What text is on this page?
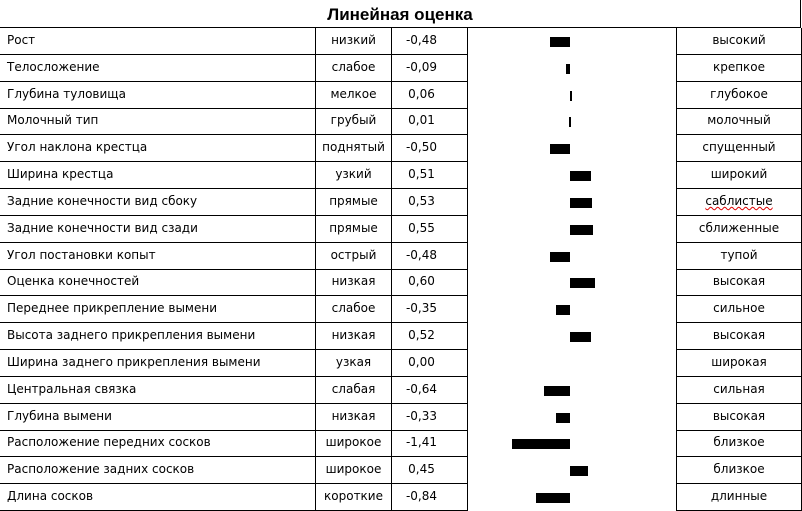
Линейная оценка
Рост	низкий	-0,48	высокий
Телосложение	слабое	-0,09	крепкое
Глубина туловища	мелкое	0,06	глубокое
Молочный тип	грубый	0,01	молочный
Угол наклона крестца	поднятый	-0,50	спущенный
Ширина крестца	узкий	0,51	широкий
Задние конечности вид сбоку	прямые	0,53	саблистые
Задние конечности вид сзади	прямые	0,55	сближенные
Угол постановки копыт	острый	-0,48	тупой
Оценка конечностей	низкая	0,60	высокая
Переднее прикрепление вымени	слабое	-0,35	сильное
Высота заднего прикрепления вымени	низкая	0,52	высокая
Ширина заднего прикрепления вымени	узкая	0,00	широкая
Центральная связка	слабая	-0,64	сильная
Глубина вымени	низкая	-0,33	высокая
Расположение передних сосков	широкое	-1,41	близкое
Расположение задних сосков	широкое	0,45	близкое
Длина сосков	короткие	-0,84	длинные
